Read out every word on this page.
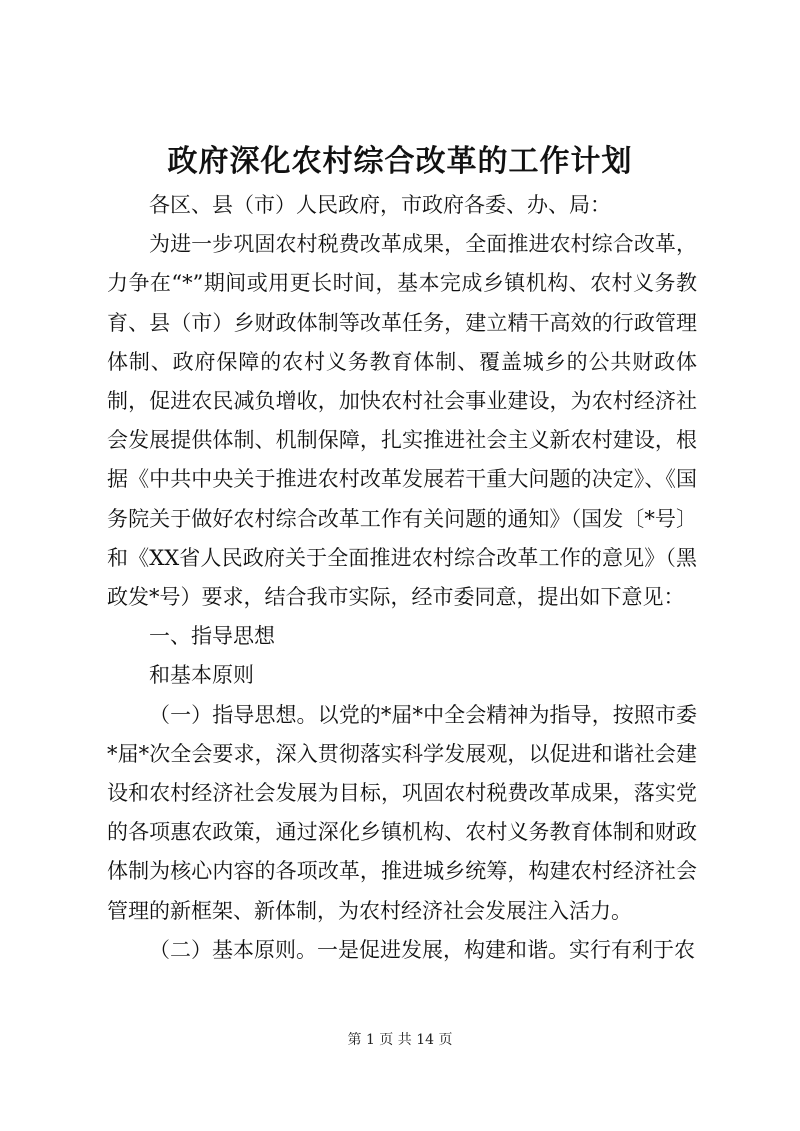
政府深化农村综合改革的工作计划

各区、县（市）人民政府，市政府各委、办、局：

为进一步巩固农村税费改革成果，全面推进农村综合改革，力争在“*”期间或用更长时间，基本完成乡镇机构、农村义务教育、县（市）乡财政体制等改革任务，建立精干高效的行政管理体制、政府保障的农村义务教育体制、覆盖城乡的公共财政体制，促进农民减负增收，加快农村社会事业建设，为农村经济社会发展提供体制、机制保障，扎实推进社会主义新农村建设，根据《中共中央关于推进农村改革发展若干重大问题的决定》、《国务院关于做好农村综合改革工作有关问题的通知》（国发〔*号〕和《XX省人民政府关于全面推进农村综合改革工作的意见》（黑政发*号）要求，结合我市实际，经市委同意，提出如下意见：

一、指导思想

和基本原则

（一）指导思想。以党的*届*中全会精神为指导，按照市委*届*次全会要求，深入贯彻落实科学发展观，以促进和谐社会建设和农村经济社会发展为目标，巩固农村税费改革成果，落实党的各项惠农政策，通过深化乡镇机构、农村义务教育体制和财政体制为核心内容的各项改革，推进城乡统筹，构建农村经济社会管理的新框架、新体制，为农村经济社会发展注入活力。

（二）基本原则。一是促进发展，构建和谐。实行有利于农

第 1 页 共 14 页
